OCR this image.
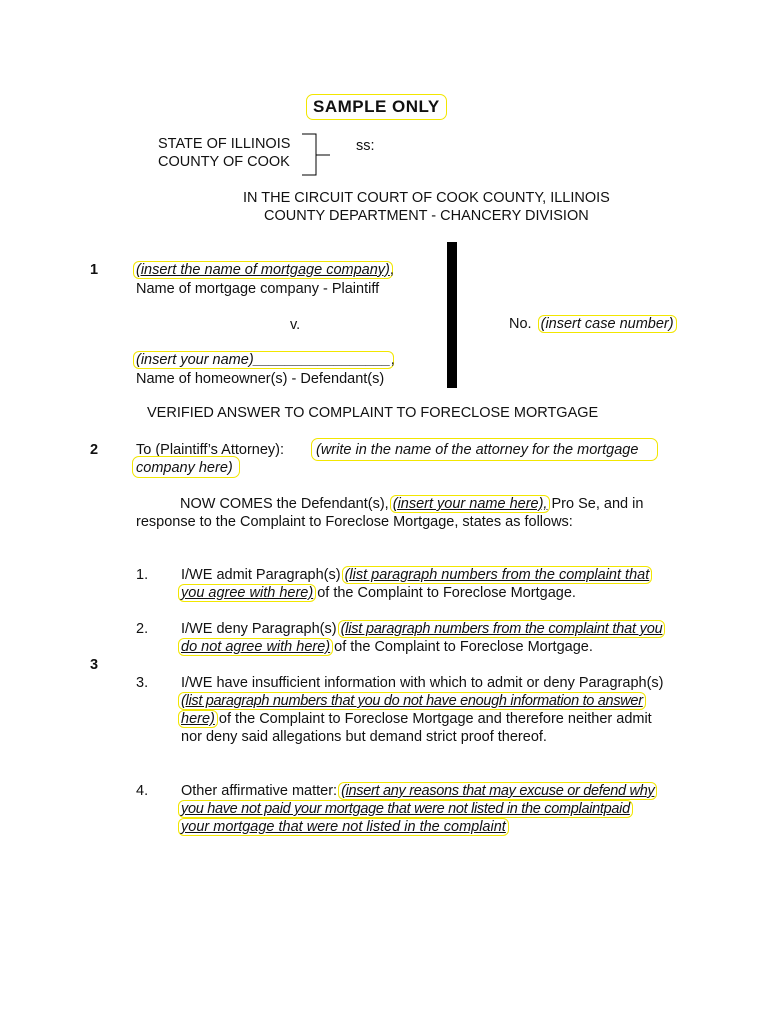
SAMPLE ONLY
STATE OF ILLINOIS
COUNTY OF COOK
ss:
IN THE CIRCUIT COURT OF COOK COUNTY, ILLINOIS
COUNTY DEPARTMENT - CHANCERY DIVISION
1	(insert the name of mortgage company),
Name of mortgage company - Plaintiff
v.
(insert your name)_________________,
Name of homeowner(s) - Defendant(s)
No. (insert case number)
VERIFIED ANSWER TO COMPLAINT TO FORECLOSE MORTGAGE
2	To (Plaintiff’s Attorney): (write in the name of the attorney for the mortgage
company here)
NOW COMES the Defendant(s), (insert your name here), Pro Se, and in
response to the Complaint to Foreclose Mortgage, states as follows:
1. I/WE admit Paragraph(s) (list paragraph numbers from the complaint that
you agree with here) of the Complaint to Foreclose Mortgage.
2. I/WE deny Paragraph(s) (list paragraph numbers from the complaint that you
do not agree with here) of the Complaint to Foreclose Mortgage.
3
3. I/WE have insufficient information with which to admit or deny Paragraph(s)
(list paragraph numbers that you do not have enough information to answer
here) of the Complaint to Foreclose Mortgage and therefore neither admit
nor deny said allegations but demand strict proof thereof.
4. Other affirmative matter: (insert any reasons that may excuse or defend why
you have not paid your mortgage that were not listed in the complaintpaid
your mortgage that were not listed in the complaint
